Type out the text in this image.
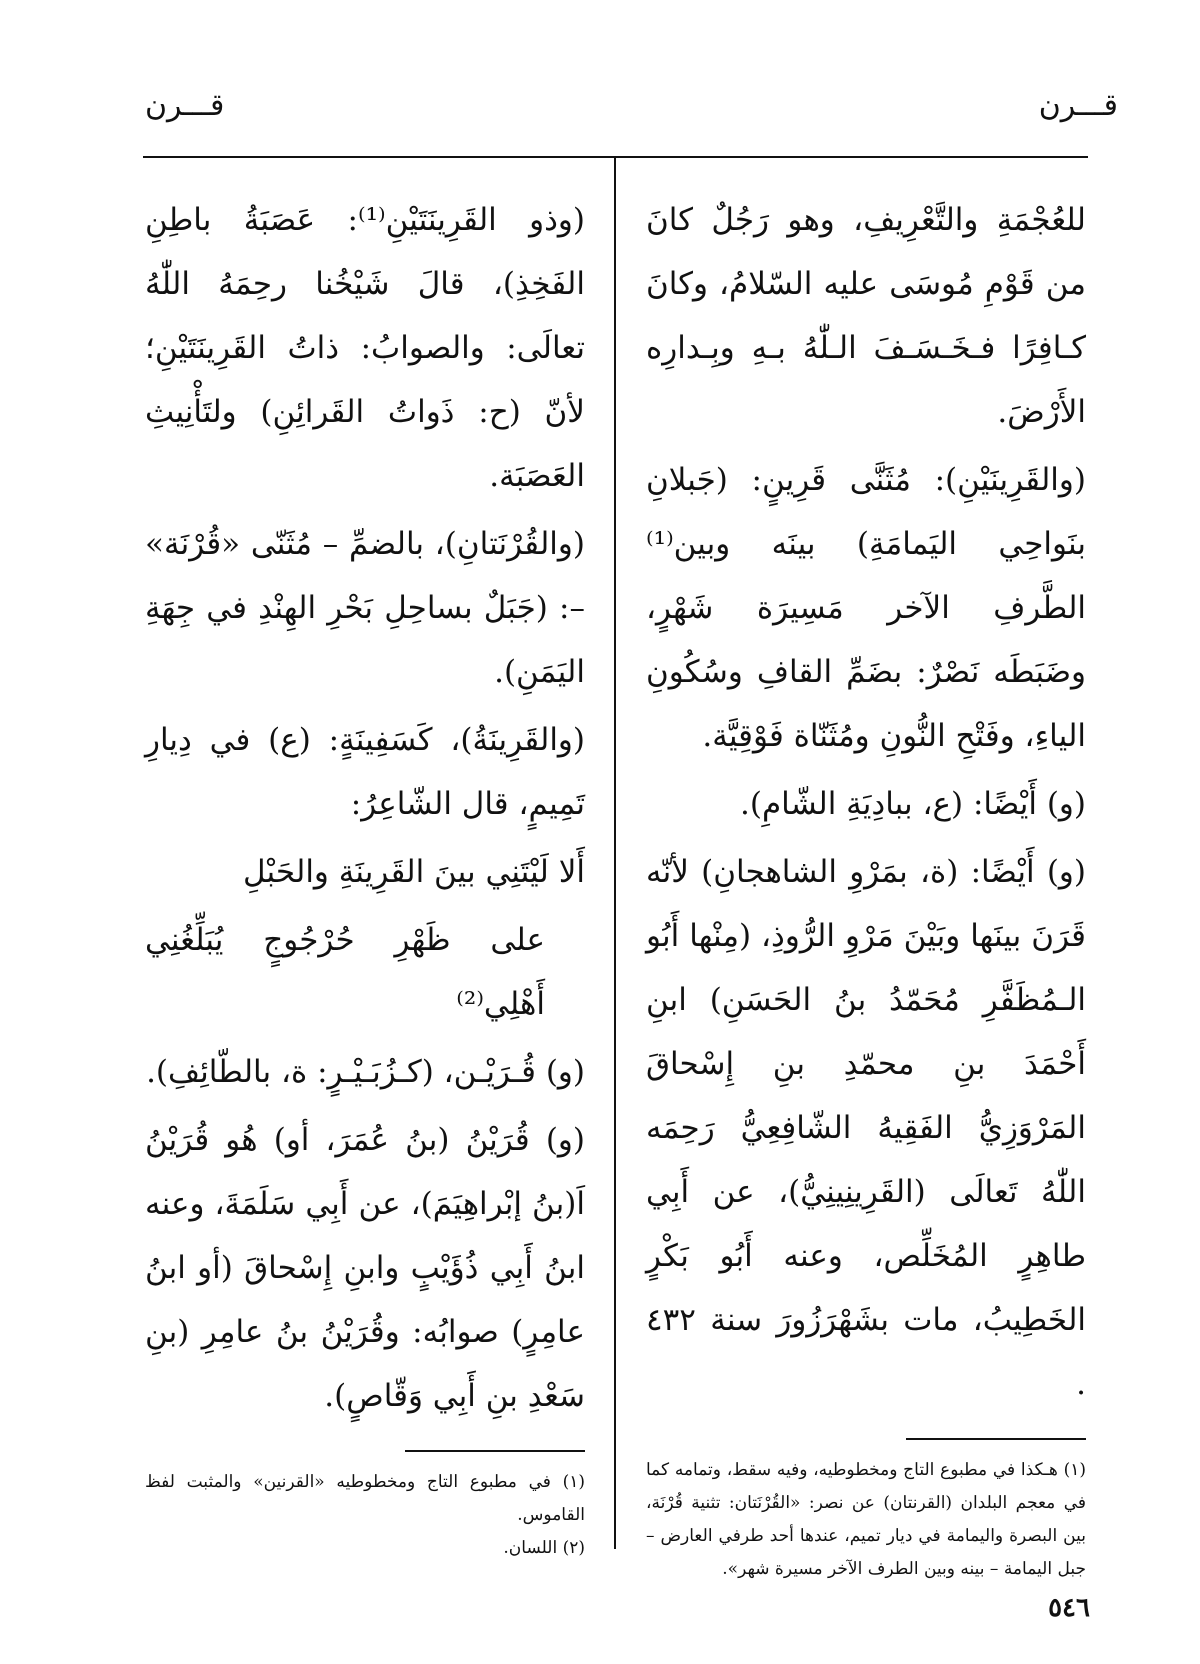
قـــرن
قـــرن

للعُجْمَةِ والتَّعْرِيفِ، وهو رَجُلٌ كانَ من قَوْمِ مُوسَى عليه السّلامُ، وكانَ كـافِرًا فـخَـسَـفَ الـلّٰهُ بـهِ وبِـدارِه الأَرْضَ.

(والقَرِينَيْنِ): مُثَنَّى قَرِينٍ: (جَبلانِ بنَواحِي اليَمامَةِ) بينَه وبين⁽¹⁾ الطَّرفِ الآخر مَسِيرَة شَهْرٍ، وضَبَطَه نَصْرٌ: بضَمِّ القافِ وسُكُونِ الياءِ، وفَتْحِ النُّونِ ومُثَنّاة فَوْقِيَّة.

(و) أَيْضًا: (ع، ببادِيَةِ الشّامِ).

(و) أَيْضًا: (ة، بمَرْوِ الشاهجانِ) لأنّه قَرَنَ بينَها وبَيْنَ مَرْوِ الرُّوذِ، (مِنْها أَبُو الـمُظَفَّرِ مُحَمّدُ بنُ الحَسَنِ) ابنِ أَحْمَدَ بنِ محمّدِ بنِ إِسْحاقَ المَرْوَزِيُّ الفَقِيهُ الشّافِعِيُّ رَحِمَه اللّٰهُ تَعالَى (القَرِينِينِيُّ)، عن أَبِي طاهِرٍ المُخَلِّص، وعنه أَبُو بَكْرٍ الخَطِيبُ، مات بشَهْرَزُورَ سنة ٤٣٢ .

(١) هـكذا في مطبوع التاج ومخطوطيه، وفيه سقط، وتمامه كما في معجم البلدان (القرنتان) عن نصر: «القُرْنَتان: تثنية قُرْنَة، بين البصرة واليمامة في ديار تميم، عندها أحد طرفي العارض – جبل اليمامة – بينه وبين الطرف الآخر مسيرة شهر».

(وذو القَرِينَتَيْنِ⁽¹⁾: عَصَبَةُ باطِنِ الفَخِذِ)، قالَ شَيْخُنا رحِمَهُ اللّٰهُ تعالَى: والصوابُ: ذاتُ القَرِينَتَيْنِ؛ لأنّ (ح: ذَواتُ القَرائِنِ) ولتَأْنِيثِ العَصَبَة.

(والقُرْنَتانِ)، بالضمِّ – مُثَنّى «قُرْنَة» –: (جَبَلٌ بساحِلِ بَحْرِ الهِنْدِ في جِهَةِ اليَمَنِ).

(والقَرِينَةُ)، كَسَفِينَةٍ: (ع) في دِيارِ تَمِيمٍ، قال الشّاعِرُ:

أَلا لَيْتَنِي بينَ القَرِينَةِ والحَبْلِ

على ظَهْرِ حُرْجُوجٍ يُبَلِّغُنِي أَهْلِي⁽²⁾

(و) قُـرَيْـن، (كـزُبَـيْـرٍ: ة، بالطّائِفِ).

(و) قُرَيْنُ (بنُ عُمَرَ، أو) هُو قُرَيْنُ اَ(بنُ إبْراهِيَمَ)، عن أَبِي سَلَمَةَ، وعنه ابنُ أَبِي ذُؤَيْبٍ وابنِ إِسْحاقَ (أو ابنُ عامِرٍ) صوابُه: وقُرَيْنُ بنُ عامِرِ (بنِ سَعْدِ بنِ أَبِي وَقّاصٍ).

(١) في مطبوع التاج ومخطوطيه «القرنين» والمثبت لفظ القاموس.

(٢) اللسان.

٥٤٦
